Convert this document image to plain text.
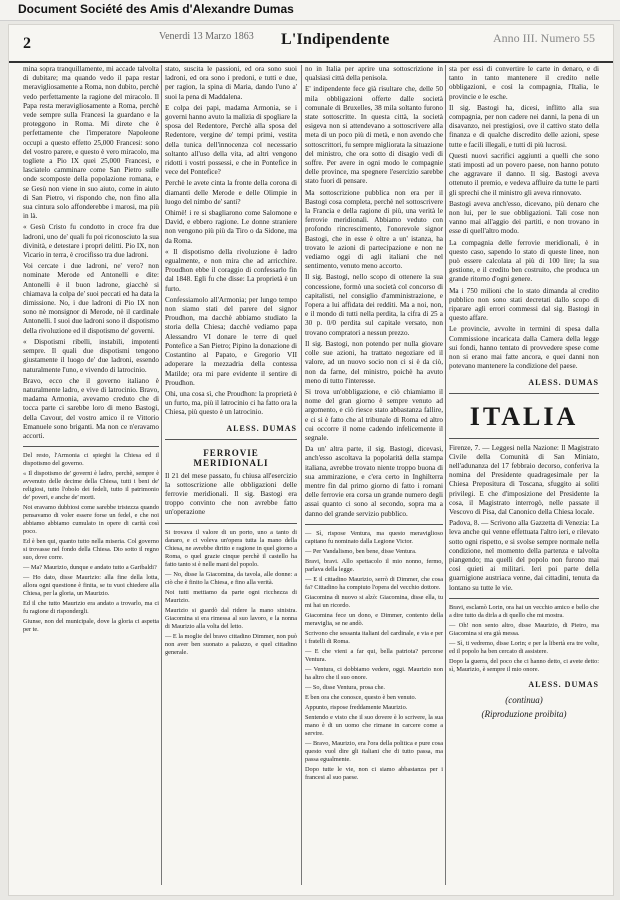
Document Société des Amis d'Alexandre Dumas
2	Venerdi 13 Marzo 1863 L'Indipendente	Anno III. Numero 55

mina sopra tranquillamente, mi accade talvolta di dubitare; ma quando vedo il papa restar meravigliosamente a Roma, non dubito, perchè vedo perfettamente la ragione del miracolo. Il Papa resta meravigliosamente a Roma, perchè vede sempre sulla Francesi la guardano e la proteggono in Roma. Mi direte che è perfettamente che l'imperatore Napoleone occupi a questo effetto 25,000 Francesi: sono del vostro parere, e questo è vero miracolo, ma togliete a Pio IX quei 25,000 Francesi, e lasciatelo camminare come San Pietro sulle onde scomposte della popolazione romana, e se Gesù non viene in suo aiuto, come in aiuto di San Pietro, vi rispondo che, non fino alla sua cintura solo affonderebbe i marosi, ma più in là.

« Gesù Cristo fu condotto in croce fra due ladroni, uno de' quali fu poi riconosciuto la sua divinità, e detestare i propri delitti. Pio IX, non Vicario in terra, è crocifisso tra due ladroni.

Voi cercate i due ladroni, ne' vero? non nominate Merode ed Antonelli e dite: Antonelli è il buon ladrone, giacchè si chiamava la colpa de' suoi peccati ed ha data la dimissione. No, i due ladroni di Pio IX non sono nè monsignor di Merode, nè il cardinale Antonelli. I suoi due ladroni sono il dispotismo della rivoluzione ed il dispotismo de' governi.

« Dispotismi ribelli, instabili, impotenti sempre. Il quali due dispotismi tengono giustamente il luogo de' due ladroni, essendo naturalmente l'uno, e vivendo di latrocinio.

Bravo, ecco che il governo italiano è naturalmente ladro, e vive di latrocinio. Bravo, madama Armonia, avevamo creduto che di tocca parte ci sarebbe loro di meno Bastogi, della Cavour, del vostro amico il re Vittorio Emanuele sono briganti. Ma non ce n'eravamo accorti.

Del resto, l'Armonia ci spieghi la Chiesa ed il dispotismo del governo.

« Il dispotismo de' governi è ladro, perchè, sempre è avvenuto delle decime della Chiesa, tutti i beni de' religiosi, tutto l'obolo dei fedeli, tutto il patrimonio de' poveri, e anche de' morti.

Noi eravamo dubbiosi come sarebbe tristezza quando pensavamo di voler essere forse un fedel, e che noi abbiamo abbiamo cumulato in opere di carità così poco.

Ed è ben qui, quanto tutto nella miseria. Col governo si trovasse nel fondo della Chiesa. Dio sotto il regno suo, dove corre.

— Ma? Maurizio, dunque e andato tutto a Garibaldi?

— Ho dato, disse Maurizio: alla fine della lotta, allora ogni questione è finita, se tu vuoi chiedere alla Chiesa, per la gloria, un Maurizio.

Ed il che tutto Maurizio era andato a trovarlo, ma ci fu ragione di rispondergli.

Giunse, non del municipale, dove la gloria ci aspetta per te.

stato, suscita le passioni, ed ora sono suoi ladroni, ed ora sono i predoni, e tutti e due, per ragion, la spina di Maria, dando l'uno a' suoi la pena di Maddalena.

E colpa dei papi, madama Armonia, se i governi hanno avuto la malizia di spogliare la sposa del Redentore, Perchè alla sposa del Redentore, vergine de' tempi primi, vestita della tunica dell'innocenza col necessario soltanto all'uso della vita, ad altri vengono ridotti i vostri possessi, e che in Pontefice in vece del Pontefice?

Perchè le avete cinta la fronte della corona di diamanti delle Merode e delle Olimpie in luogo del nimbo de' santi?

Ohimè! i re si sbagliarono come Salomone e David, e ebbero ragione. Le donne straniere non vengono più più da Tiro o da Sidone, ma da Roma.

« Il dispotismo della rivoluzione è ladro egualmente, e non mira che ad arricchire. Proudhon ebbe il coraggio di confessarlo fin dal 1848. Egli fu che disse: La proprietà è un furto.

Confessiamolo all'Armonia; per lungo tempo non siamo stati del parere del signor Proudhon, ma dacchè abbiamo studiato la storia della Chiesa; dacchè vediamo papa Alessandro VI donare le terre di quel Pontefice a San Pietro; Pipino la donazione di Costantino al Papato, e Gregorio VII adoperare la mezzadria della contessa Matilde; ora mi pare evidente il sentire di Proudhon.

Ohi, una cosa sì, che Proudhon: la proprietà è un furto, ma, più il latrocinio ci ha fatto ora la Chiesa, più questo è un latrocinio.

ALESS. DUMAS
FERROVIE MERIDIONALI

Il 21 del mese passato, fu chiusa all'esercizio la sottoscrizione alle obbligazioni delle ferrovie meridionali. Il sig. Bastogi era troppo convinto che non avrebbe fatto un'operazione

Si trovava il valore di un porto, uno a tanto di danaro, e ci voleva un'opera tutta la mano della Chiesa, ne avrebbe diritto e ragione in quel giorno a Roma, o quel grazie cinque perchè il castello ha fatto tanto si è nelle mani del popolo.

— No, disse la Giacomina, da tavola, alle donne: a ciò che è finito la Chiesa, e fino alla verità.

Noi tutti mettiamo da parte ogni ricchezza di Maurizio.

Maurizio si guardò dal ridere la mano sinistra. Giacomina si era rimessa al suo lavoro, e la nonna di Maurizio alla volta del letto.

— E la moglie del bravo cittadino Dimmer, non può non aver ben suonato a palazzo, e quel cittadino generale.

no in Italia per aprire una sottoscrizione in qualsiasi città della penisola.

E' indipendente fece già risultare che, delle 50 mila obbligazioni offerte dalle società comunale di Bruxelles, 38 mila soltanto furono state sottoscritte. In questa città, la società esigeva non si attendevano a sottoscrivere alla meta di un poco più di metà, e non avendo che sottoscrittori, fu sempre migliorata la situazione del ministro, che ora sotto di disagio vedi di soffre. Per avere in ogni modo le compagnie delle province, ma spegnere l'esercizio sarebbe stato fuori di pensare.

Ma sottoscrizione pubblica non era per il Bastogi cosa completa, perchè nel sottoscrivere la Francia e della ragione di più, una verità le ferrovie meridionali. Abbiamo veduto con profondo rincrescimento, l'onorevole signor Bastogi, che in esse è oltre a un' istanza, ha trovato le azioni di partecipazione e non ne vediamo oggi di agli italiani che nel sentimento, venuto meno accorto.

Il sig. Bastogi, nello scopo di ottenere la sua concessione, formò una società col concorso di capitalisti, nel consiglio d'amministrazione, e l'opera a lui affidata dei redditi. Ma a noi, non, e il mondo di tutti nella perdita, la cifra di 25 a 30 p. 0/0 perdita sul capitale versato, non trovano compratori a nessun prezzo.

Il sig. Bastogi, non potendo per nulla giovare colle sue azioni, ha trattato negoziare ed il valore, ad un nuovo socio non ci si è da ciò, non da farne, del ministro, poichè ha avuto meno di tutto l'interesse.

Si trova un'obbligazione, e ciò chiamiamo il nome del gran giorno è sempre venuto ad argomento, e ciò riesce stato abbastanza fallire, e ci si è fatto che al tribunale di Roma ed altro cui occorre il nome cadendo infelicemente il segnale.

Da un' altra parte, il sig. Bastogi, dicevasi, anch'esso ascoltava la popolarità della stampa italiana, avrebbe trovato niente troppo buona di sua ammirazione, e c'era certo in Inghilterra mentre fin dal primo giorno di fatto i romani delle ferrovie era corsa un grande numero degli assai quanto ci sono al secondo, sopra ma a danno del grande servizio pubblico.

— Sì, rispose Ventura, ma questo meraviglioso capitano fu nominato dalla Legione Victor.

— Per Vandalismo, ben bene, disse Ventura.

Bravi, bravi. Allo spettacolo il mio nonno, fermo, parlava della legge.

— E il cittadino Maurizio, serrò di Dimmer, che cosa fa? Cittadino ha compiuto l'opera del vecchio dottore.

Giacomina di nuovo si alzò: Giacomina, disse ella, tu mi hai un ricordo.

Giacomina fece un dono, e Dimmer, contento della meraviglia, se ne andò.

Scrivono che sessanta italiani del cardinale, e via e per i fratelli di Roma.

— E che vieni a far qui, bella patriota? percorse Ventura.

— Ventura, ci dobbiamo vedere, oggi. Maurizio non ha altro che il suo onore.

— So, disse Ventura, prosa che.

E ben ora che conosce, questo è ben venuto.

Appunto, rispose freddamente Maurizio.

Sentendo e visto che il suo dovere è lo scrivere, la sua mano è di un uomo che rimane in carcere come a servire.

— Bravo, Maurizio, era l'ora della politica e pure cosa questo vuol dire gli italiani che di tutto passa, ma passa egualmente.

Dopo tutte le vie, non ci siamo abbastanza per i francesi al suo paese.

sta per essi di convertire le carte in denaro, e di tanto in tanto mantenere il credito nelle obbligazioni, e così la compagnia, l'Italia, le provincie e le esche.

Il sig. Bastogi ha, dicesi, inflitto alla sua compagnia, per non cadere nei danni, la pena di un disavanzo, nei prestigiosi, ove il cattivo stato della finanza e di qualche discredito delle azioni, spese tutte e facili illegali, e tutti di più lucrosi.

Questi nuovi sacrifici aggiunti a quelli che sono stati imposti ad un povero paese, non hanno potuto che aggravare il danno. Il sig. Bastogi aveva ottenuto il premio, e vedeva affluire da tutte le parti gli sprechi che il ministro gli aveva rinnovato.

Bastogi aveva anch'esso, dicevano, più denaro che non lui, per le sue obbligazioni. Tali cose non vanno mai all'aggio dei partiti, e non trovano in esse di quell'altro modo.

La compagnia delle ferrovie meridionali, è in questo caso, sapendo lo stato di queste linee, non può essere calcolata al più di 100 lire; la sua gestione, e il credito ben costruito, che produca un grande ritorno d'ogni genere.

Ma i 750 milioni che lo stato dimanda al credito pubblico non sono stati decretati dallo scopo di riparare agli errori commessi dal sig. Bastogi in questo affare.

Le provincie, avvolte in termini di spesa dalla Commissione incaricata dalla Camera della legge sui fondi, hanno tentato di provvedere spese come non si erano mai fatte ancora, e quei danni non potevano mantenere la condizione del paese.

ALESS. DUMAS
ITALIA

Firenze, 7. — Leggesi nella Nazione: Il Magistrato Civile della Comunità di San Miniato, nell'adunanza del 17 febbraio decorso, conferiva la nomina del Presidente quadragesimale per la Chiesa Prepositura di Toscana, sfuggito ai soliti privilegi. E che d'imposizione del Presidente la cosa, il Magistrato interrogò, nelle passate il Vescovo di Pisa, dal Canonico della Chiesa locale.

Padova, 8. — Scrivono alla Gazzetta di Venezia: La leva anche qui venne effettuata l'altro ieri, e rilevato sotto ogni rispetto, e si svolse sempre normale nella condizione, nel momento della partenza e talvolta piangendo; ma quelli del popolo non furono mai così quieti ai militari. Ieri poi parte della guarnigione austriaca venne, dai cittadini, tenuta da lontano su tutte le vie.

Bravi, esclamò Lorin, ora hai un vecchio amico e bello che a dire tutto da dirla a di quello che mi mostra.

— Oh! non sento altro, disse Maurizio, di Pietro, ma Giacomina si era già messa.

— Sì, ti vedremo, disse Lorin; e per la libertà era tre volte, ed il popolo ha ben cercato di assistere.

Dopo la guerra, del poco che ci hanno detto, ci avete detto: sì, Maurizio, è sempre il mio onore.

ALESS. DUMAS
(continua)
(Riproduzione proibita)
